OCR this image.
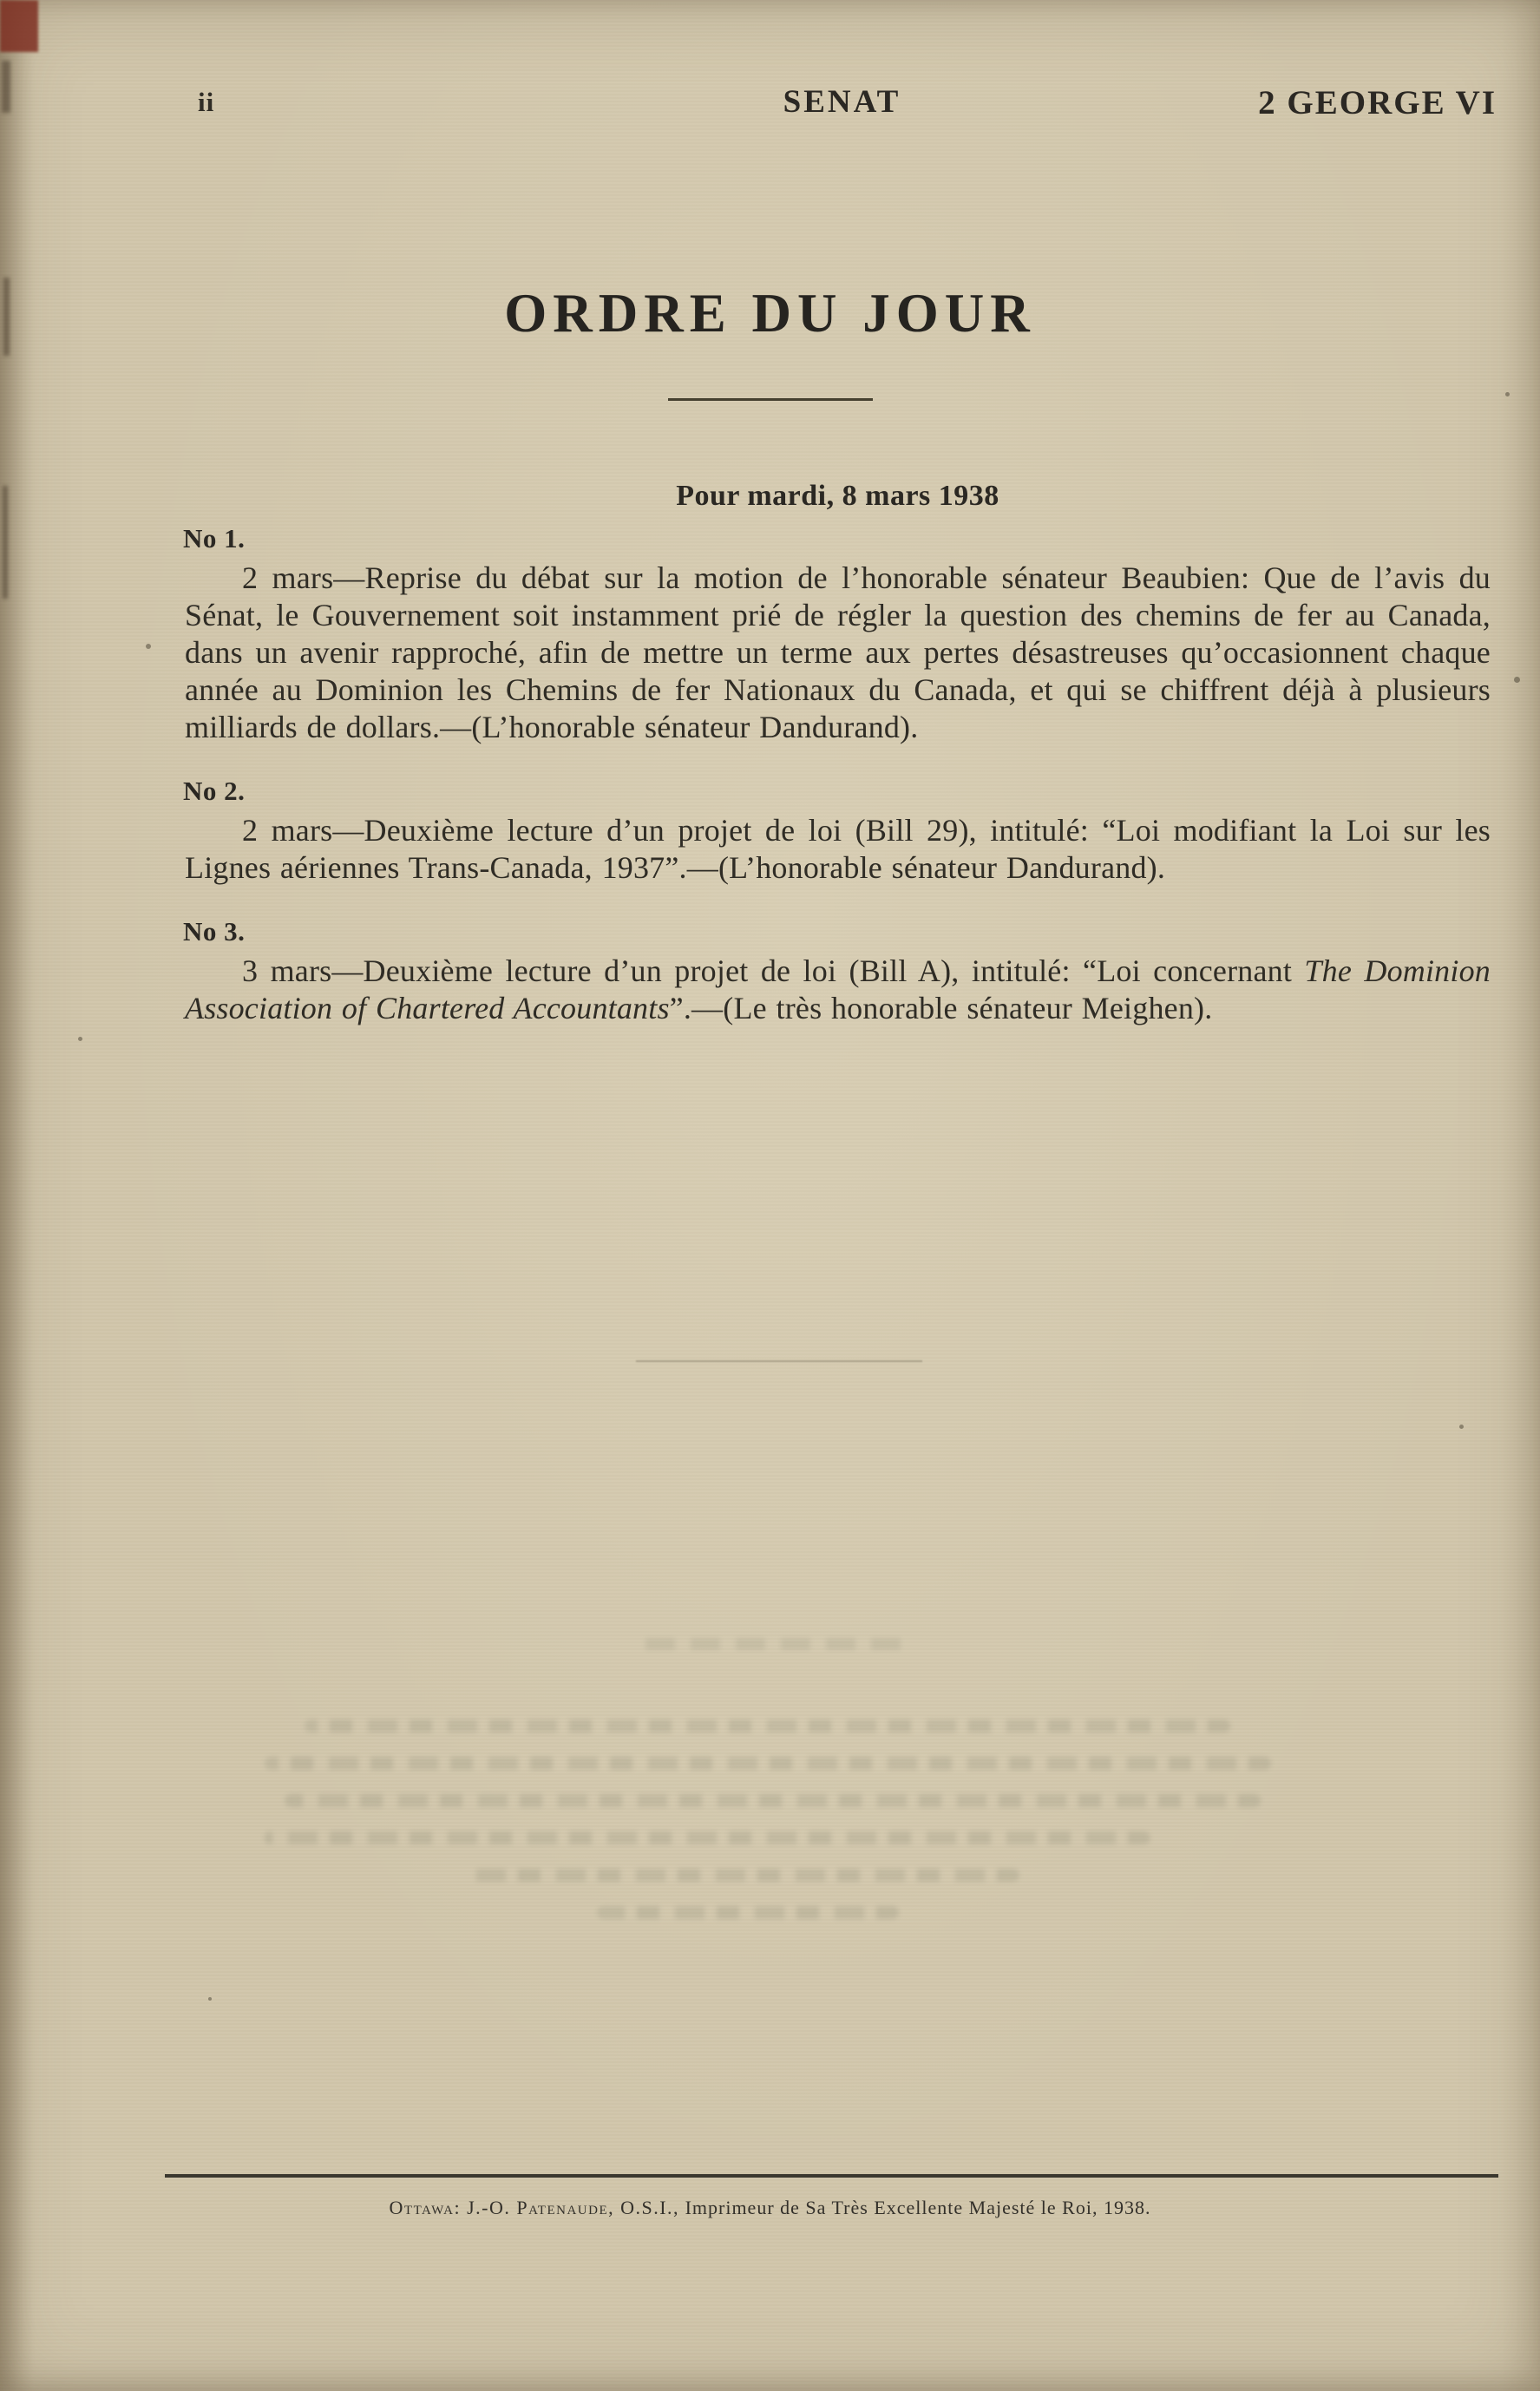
ii	SENAT	2 GEORGE VI
ORDRE DU JOUR
Pour mardi, 8 mars 1938
No 1.

2 mars—Reprise du débat sur la motion de l’honorable sénateur Beaubien: Que de l’avis du Sénat, le Gouvernement soit instamment prié de régler la question des chemins de fer au Canada, dans un avenir rapproché, afin de mettre un terme aux pertes désastreuses qu’occasionnent chaque année au Dominion les Chemins de fer Nationaux du Canada, et qui se chiffrent déjà à plusieurs milliards de dollars.—(L’honorable sénateur Dandurand).

No 2.

2 mars—Deuxième lecture d’un projet de loi (Bill 29), intitulé: “Loi modifiant la Loi sur les Lignes aériennes Trans-Canada, 1937”.—(L’honorable sénateur Dandurand).

No 3.

3 mars—Deuxième lecture d’un projet de loi (Bill A), intitulé: “Loi concernant The Dominion Association of Chartered Accountants”.—(Le très honorable sénateur Meighen).

Ottawa: J.-O. Patenaude, O.S.I., Imprimeur de Sa Très Excellente Majesté le Roi, 1938.
